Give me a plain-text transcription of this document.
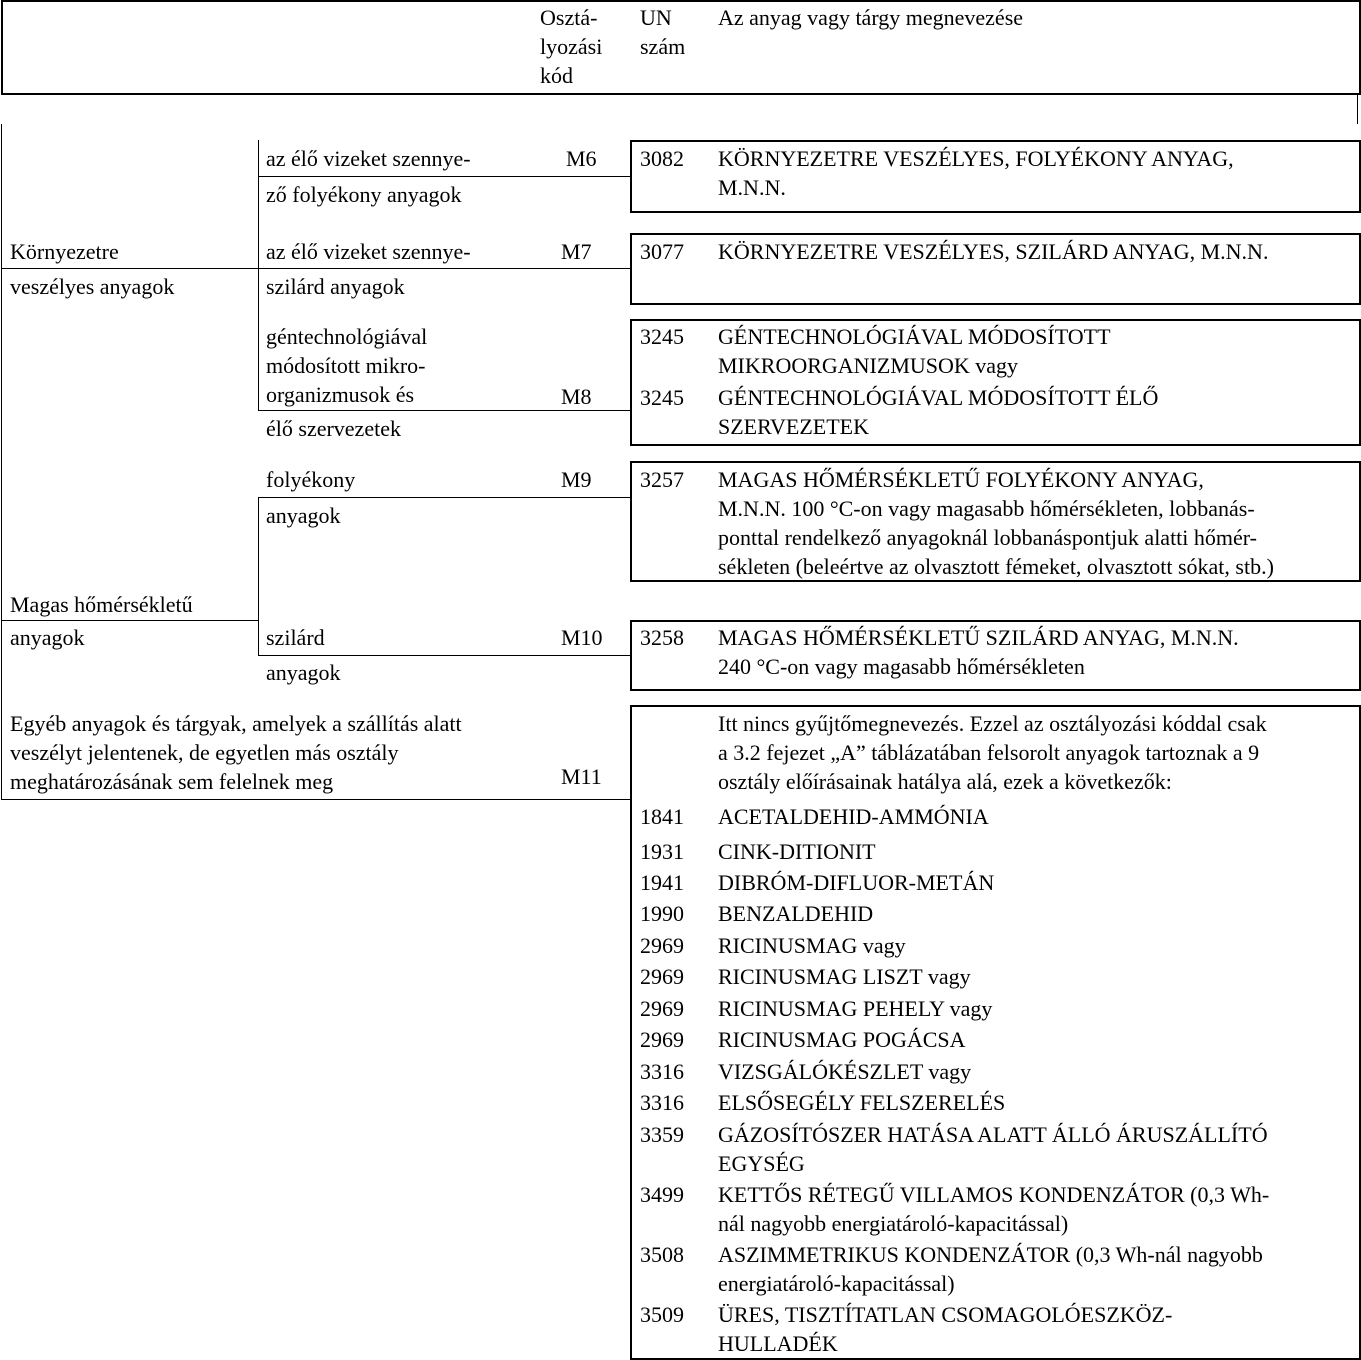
Osztá-
lyozási
kód
UN
szám
Az anyag vagy tárgy megnevezése
Környezetre
veszélyes anyagok
Magas hőmérsékletű
anyagok
Egyéb anyagok és tárgyak, amelyek a szállítás alatt
veszélyt jelentenek, de egyetlen más osztály
meghatározásának sem felelnek meg
az élő vizeket szennye-
ző folyékony anyagok
az élő vizeket szennye-
szilárd anyagok
géntechnológiával
módosított mikro-
organizmusok és
élő szervezetek
folyékony
anyagok
szilárd
anyagok
M6
M7
M8
M9
M10
M11
3082 KÖRNYEZETRE VESZÉLYES, FOLYÉKONY ANYAG,
M.N.N.
3077 KÖRNYEZETRE VESZÉLYES, SZILÁRD ANYAG, M.N.N.
3245 GÉNTECHNOLÓGIÁVAL MÓDOSÍTOTT
MIKROORGANIZMUSOK vagy
3245 GÉNTECHNOLÓGIÁVAL MÓDOSÍTOTT ÉLŐ
SZERVEZETEK
3257 MAGAS HŐMÉRSÉKLETŰ FOLYÉKONY ANYAG,
M.N.N. 100 °C-on vagy magasabb hőmérsékleten, lobbanás-
ponttal rendelkező anyagoknál lobbanáspontjuk alatti hőmér-
sékleten (beleértve az olvasztott fémeket, olvasztott sókat, stb.)
3258 MAGAS HŐMÉRSÉKLETŰ SZILÁRD ANYAG, M.N.N.
240 °C-on vagy magasabb hőmérsékleten
Itt nincs gyűjtőmegnevezés. Ezzel az osztályozási kóddal csak
a 3.2 fejezet „A” táblázatában felsorolt anyagok tartoznak a 9
osztály előírásainak hatálya alá, ezek a következők:
1841 ACETALDEHID-AMMÓNIA
1931 CINK-DITIONIT
1941 DIBRÓM-DIFLUOR-METÁN
1990 BENZALDEHID
2969 RICINUSMAG vagy
2969 RICINUSMAG LISZT vagy
2969 RICINUSMAG PEHELY vagy
2969 RICINUSMAG POGÁCSA
3316 VIZSGÁLÓKÉSZLET vagy
3316 ELSŐSEGÉLY FELSZERELÉS
3359 GÁZOSÍTÓSZER HATÁSA ALATT ÁLLÓ ÁRUSZÁLLÍTÓ
EGYSÉG
3499 KETTŐS RÉTEGŰ VILLAMOS KONDENZÁTOR (0,3 Wh-
nál nagyobb energiatároló-kapacitással)
3508 ASZIMMETRIKUS KONDENZÁTOR (0,3 Wh-nál nagyobb
energiatároló-kapacitással)
3509 ÜRES, TISZTÍTATLAN CSOMAGOLÓESZKÖZ-
HULLADÉK
